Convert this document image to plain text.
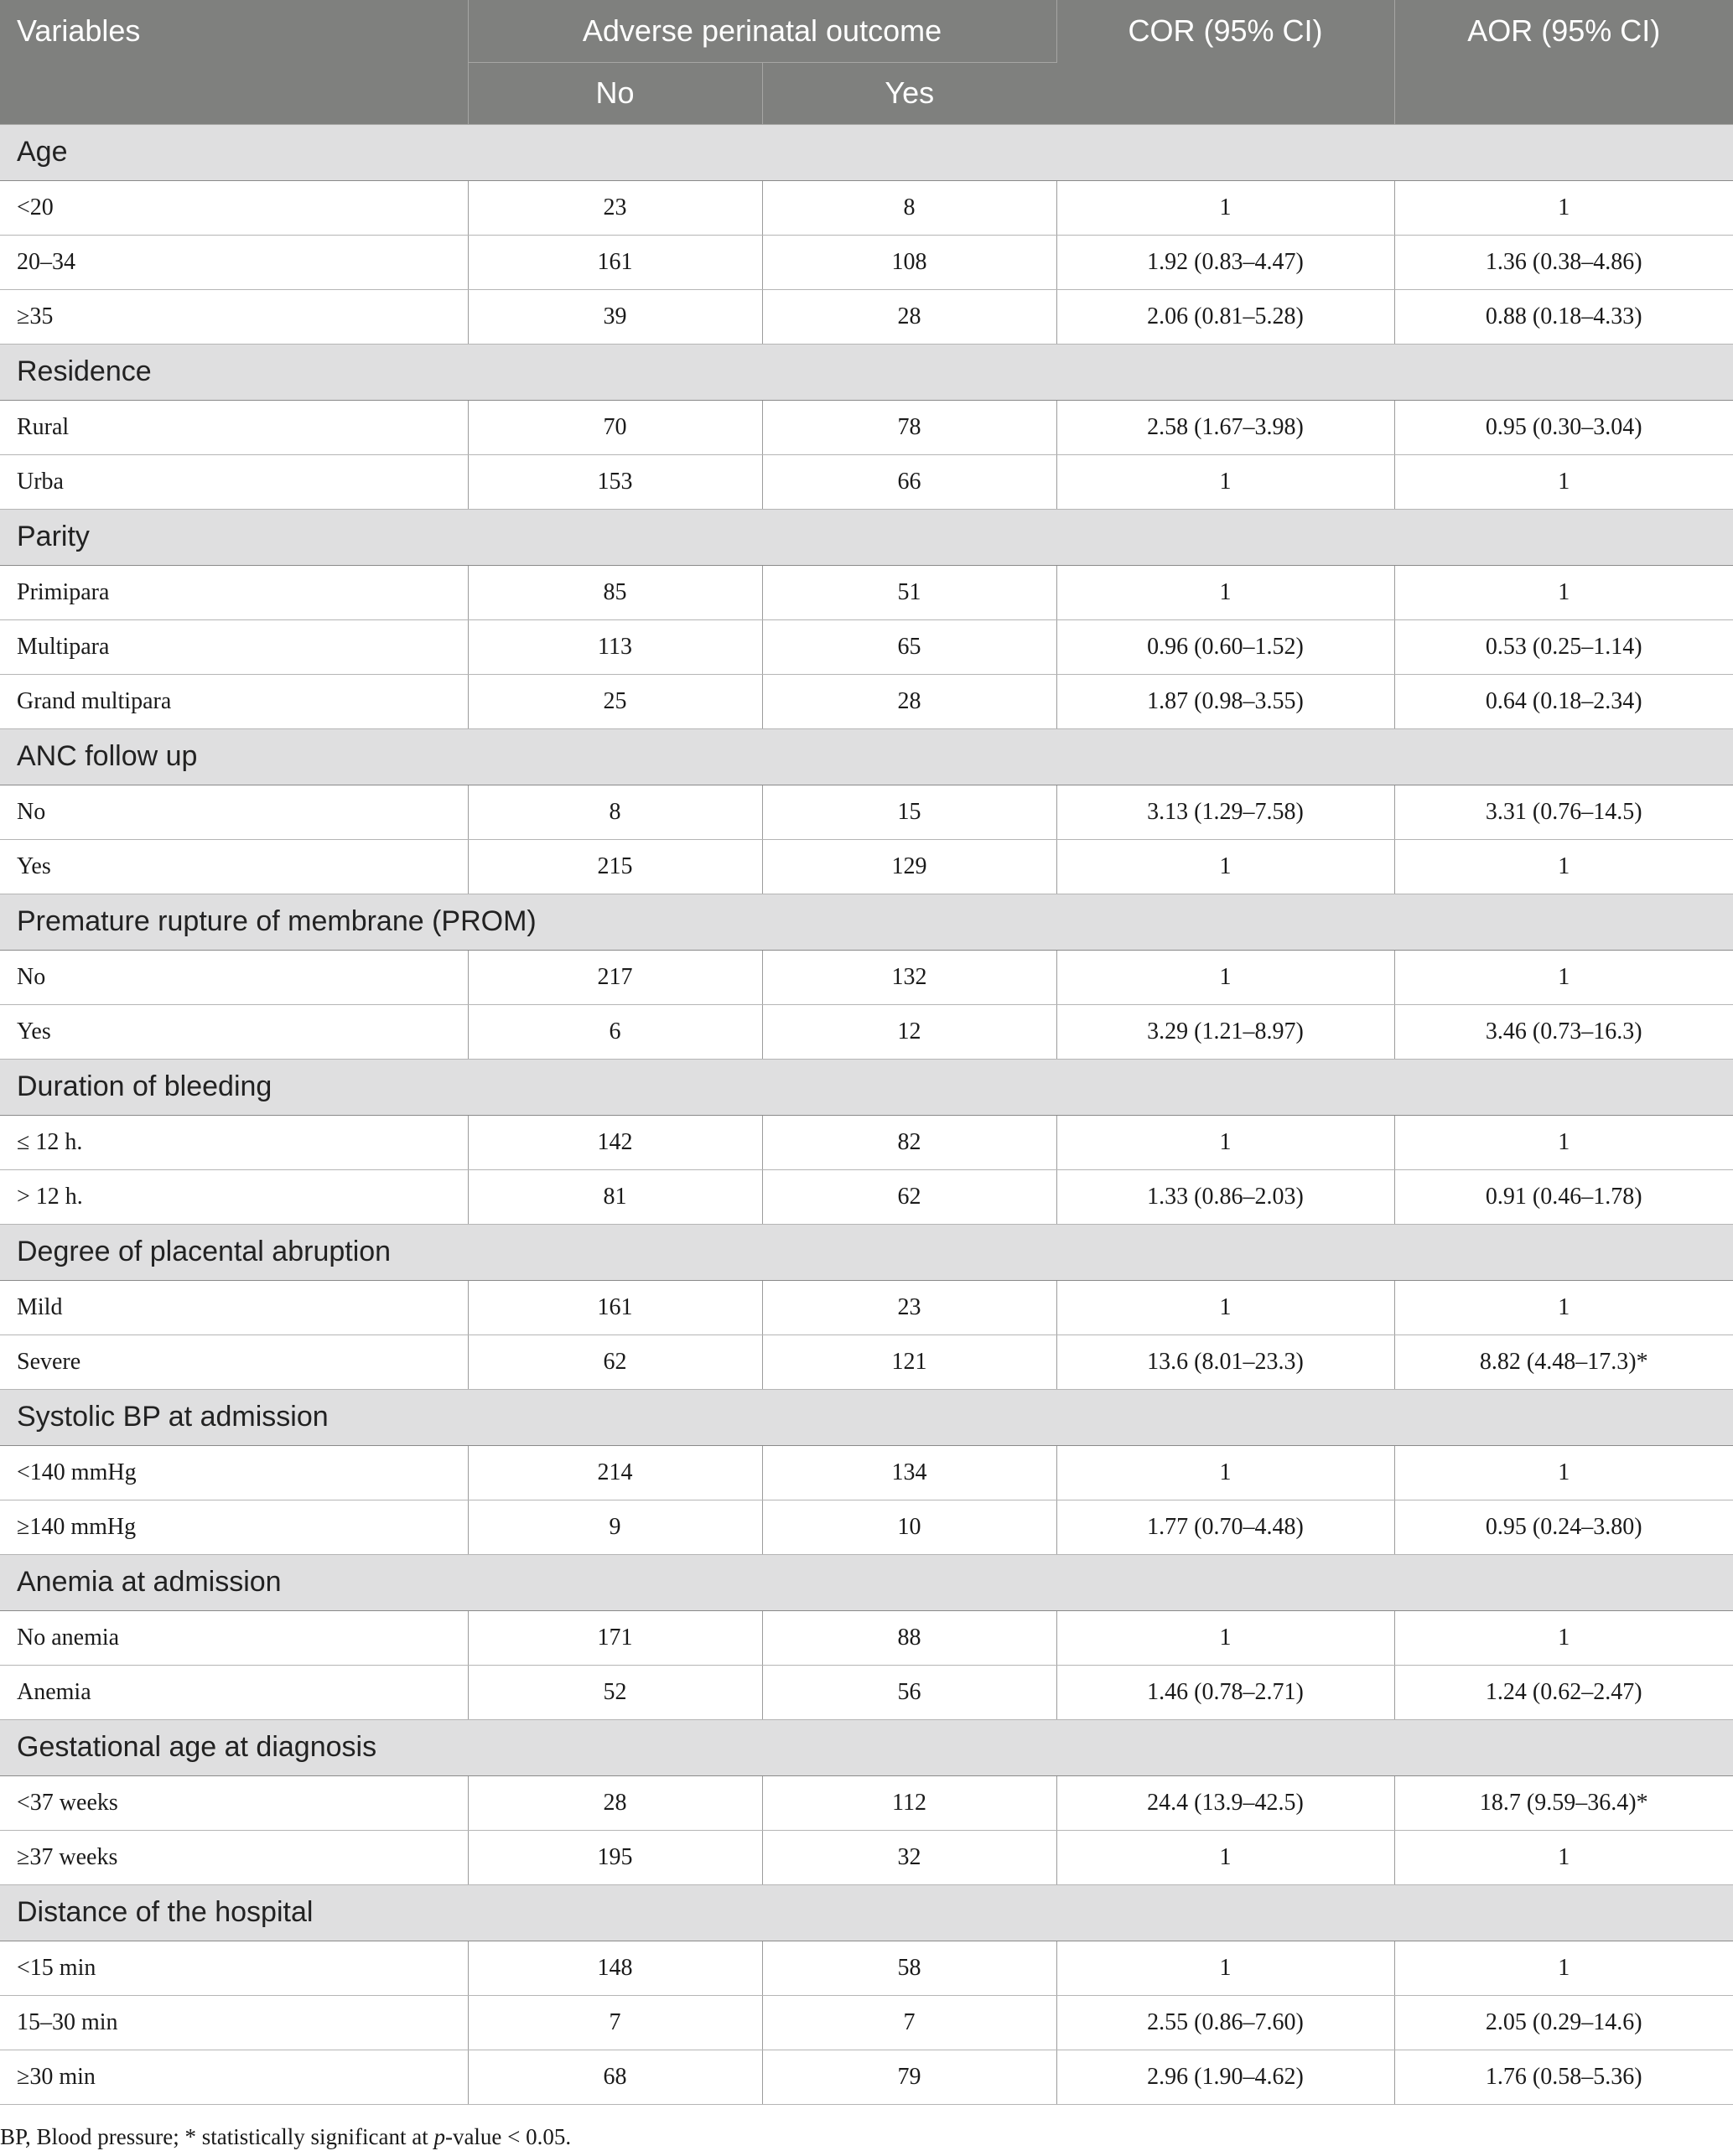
Variables	Adverse perinatal outcome		COR (95% CI)	AOR (95% CI)
	No	Yes		
Age				
<20	23	8	1	1
20–34	161	108	1.92 (0.83–4.47)	1.36 (0.38–4.86)
≥35	39	28	2.06 (0.81–5.28)	0.88 (0.18–4.33)
Residence				
Rural	70	78	2.58 (1.67–3.98)	0.95 (0.30–3.04)
Urba	153	66	1	1
Parity				
Primipara	85	51	1	1
Multipara	113	65	0.96 (0.60–1.52)	0.53 (0.25–1.14)
Grand multipara	25	28	1.87 (0.98–3.55)	0.64 (0.18–2.34)
ANC follow up				
No	8	15	3.13 (1.29–7.58)	3.31 (0.76–14.5)
Yes	215	129	1	1
Premature rupture of membrane (PROM)				
No	217	132	1	1
Yes	6	12	3.29 (1.21–8.97)	3.46 (0.73–16.3)
Duration of bleeding				
≤ 12 h.	142	82	1	1
> 12 h.	81	62	1.33 (0.86–2.03)	0.91 (0.46–1.78)
Degree of placental abruption				
Mild	161	23	1	1
Severe	62	121	13.6 (8.01–23.3)	8.82 (4.48–17.3)*
Systolic BP at admission				
<140 mmHg	214	134	1	1
≥140 mmHg	9	10	1.77 (0.70–4.48)	0.95 (0.24–3.80)
Anemia at admission				
No anemia	171	88	1	1
Anemia	52	56	1.46 (0.78–2.71)	1.24 (0.62–2.47)
Gestational age at diagnosis				
<37 weeks	28	112	24.4 (13.9–42.5)	18.7 (9.59–36.4)*
≥37 weeks	195	32	1	1
Distance of the hospital				
<15 min	148	58	1	1
15–30 min	7	7	2.55 (0.86–7.60)	2.05 (0.29–14.6)
≥30 min	68	79	2.96 (1.90–4.62)	1.76 (0.58–5.36)
BP, Blood pressure; * statistically significant at p-value < 0.05.
